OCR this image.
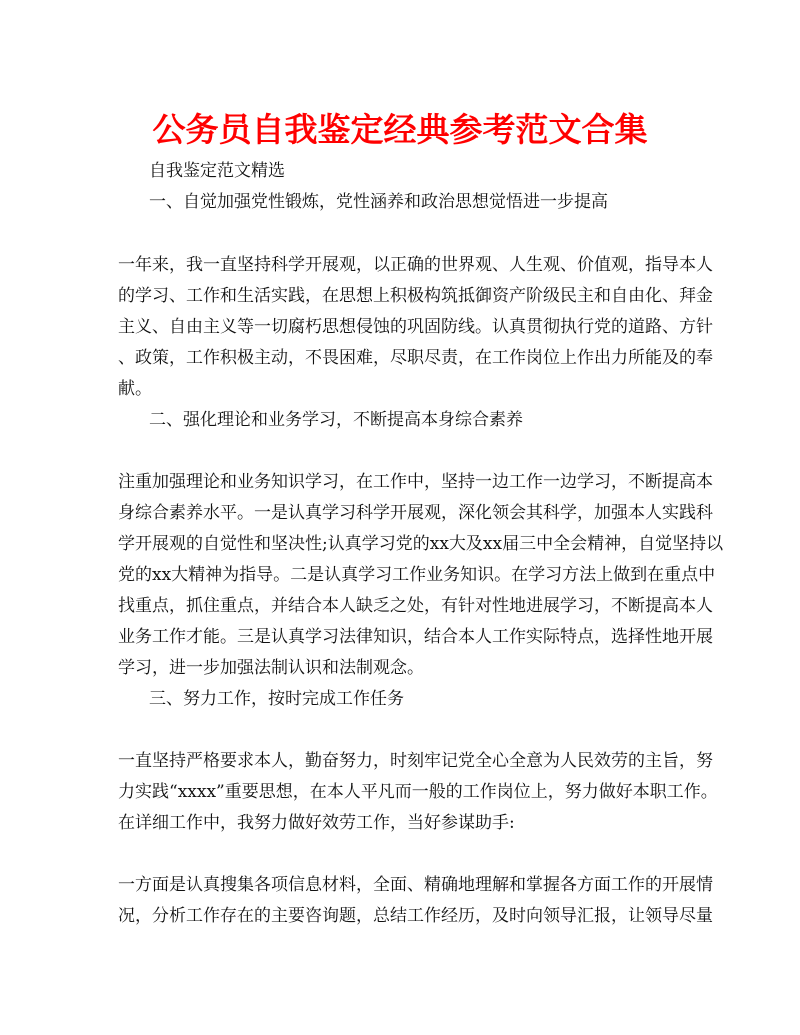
公务员自我鉴定经典参考范文合集
自我鉴定范文精选
一、自觉加强党性锻炼，党性涵养和政治思想觉悟进一步提高
一年来，我一直坚持科学开展观，以正确的世界观、人生观、价值观，指导本人
的学习、工作和生活实践，在思想上积极构筑抵御资产阶级民主和自由化、拜金
主义、自由主义等一切腐朽思想侵蚀的巩固防线。认真贯彻执行党的道路、方针
、政策，工作积极主动，不畏困难，尽职尽责，在工作岗位上作出力所能及的奉
献。
二、强化理论和业务学习，不断提高本身综合素养
注重加强理论和业务知识学习，在工作中，坚持一边工作一边学习，不断提高本
身综合素养水平。一是认真学习科学开展观，深化领会其科学，加强本人实践科
学开展观的自觉性和坚决性;认真学习党的xx大及xx届三中全会精神，自觉坚持以
党的xx大精神为指导。二是认真学习工作业务知识。在学习方法上做到在重点中
找重点，抓住重点，并结合本人缺乏之处，有针对性地进展学习，不断提高本人
业务工作才能。三是认真学习法律知识，结合本人工作实际特点，选择性地开展
学习，进一步加强法制认识和法制观念。
三、努力工作，按时完成工作任务
一直坚持严格要求本人，勤奋努力，时刻牢记党全心全意为人民效劳的主旨，努
力实践“xxxx”重要思想，在本人平凡而一般的工作岗位上，努力做好本职工作。
在详细工作中，我努力做好效劳工作，当好参谋助手:
一方面是认真搜集各项信息材料，全面、精确地理解和掌握各方面工作的开展情
况，分析工作存在的主要咨询题，总结工作经历，及时向领导汇报，让领导尽量
